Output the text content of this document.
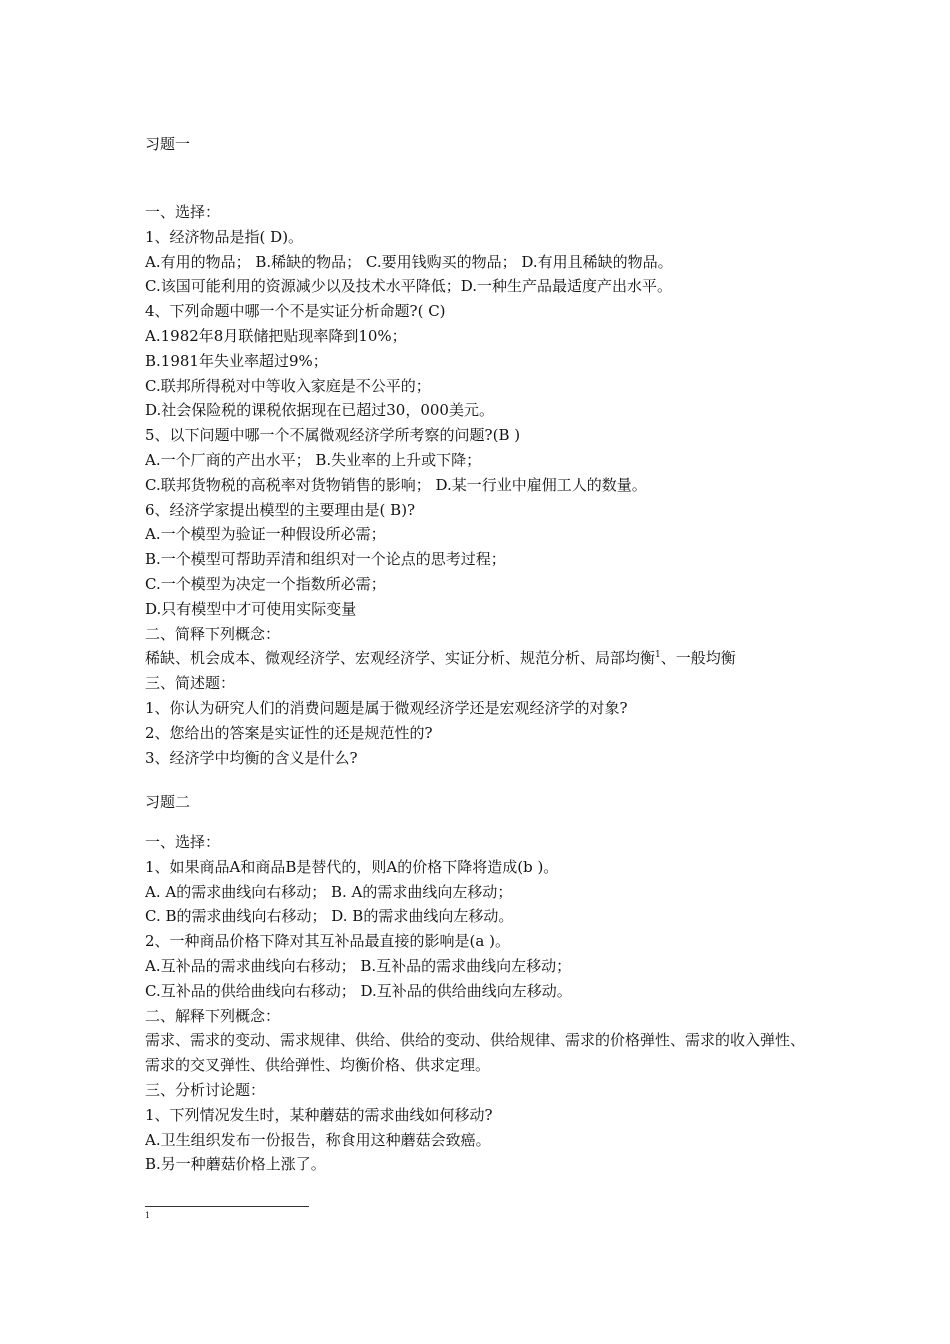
习题一
一、选择：
1、经济物品是指( D)。
A.有用的物品； B.稀缺的物品； C.要用钱购买的物品； D.有用且稀缺的物品。
C.该国可能利用的资源减少以及技术水平降低；D.一种生产品最适度产出水平。
4、下列命题中哪一个不是实证分析命题?( C)
A.1982年8月联储把贴现率降到10%；
B.1981年失业率超过9%；
C.联邦所得税对中等收入家庭是不公平的；
D.社会保险税的课税依据现在已超过30，000美元。
5、以下问题中哪一个不属微观经济学所考察的问题?(B )
A.一个厂商的产出水平； B.失业率的上升或下降；
C.联邦货物税的高税率对货物销售的影响； D.某一行业中雇佣工人的数量。
6、经济学家提出模型的主要理由是( B)?
A.一个模型为验证一种假设所必需；
B.一个模型可帮助弄清和组织对一个论点的思考过程；
C.一个模型为决定一个指数所必需；
D.只有模型中才可使用实际变量
二、简释下列概念：
稀缺、机会成本、微观经济学、宏观经济学、实证分析、规范分析、局部均衡$^1$、一般均衡
三、简述题：
1、你认为研究人们的消费问题是属于微观经济学还是宏观经济学的对象?
2、您给出的答案是实证性的还是规范性的?
3、经济学中均衡的含义是什么?
习题二
一、选择：
1、如果商品A和商品B是替代的，则A的价格下降将造成(b )。
A. A的需求曲线向右移动； B. A的需求曲线向左移动；
C. B的需求曲线向右移动； D. B的需求曲线向左移动。
2、一种商品价格下降对其互补品最直接的影响是(a )。
A.互补品的需求曲线向右移动； B.互补品的需求曲线向左移动；
C.互补品的供给曲线向右移动； D.互补品的供给曲线向左移动。
二、解释下列概念：
需求、需求的变动、需求规律、供给、供给的变动、供给规律、需求的价格弹性、需求的收入弹性、需求的交叉弹性、供给弹性、均衡价格、供求定理。
三、分析讨论题：
1、下列情况发生时，某种蘑菇的需求曲线如何移动?
A.卫生组织发布一份报告，称食用这种蘑菇会致癌。
B.另一种蘑菇价格上涨了。
1
